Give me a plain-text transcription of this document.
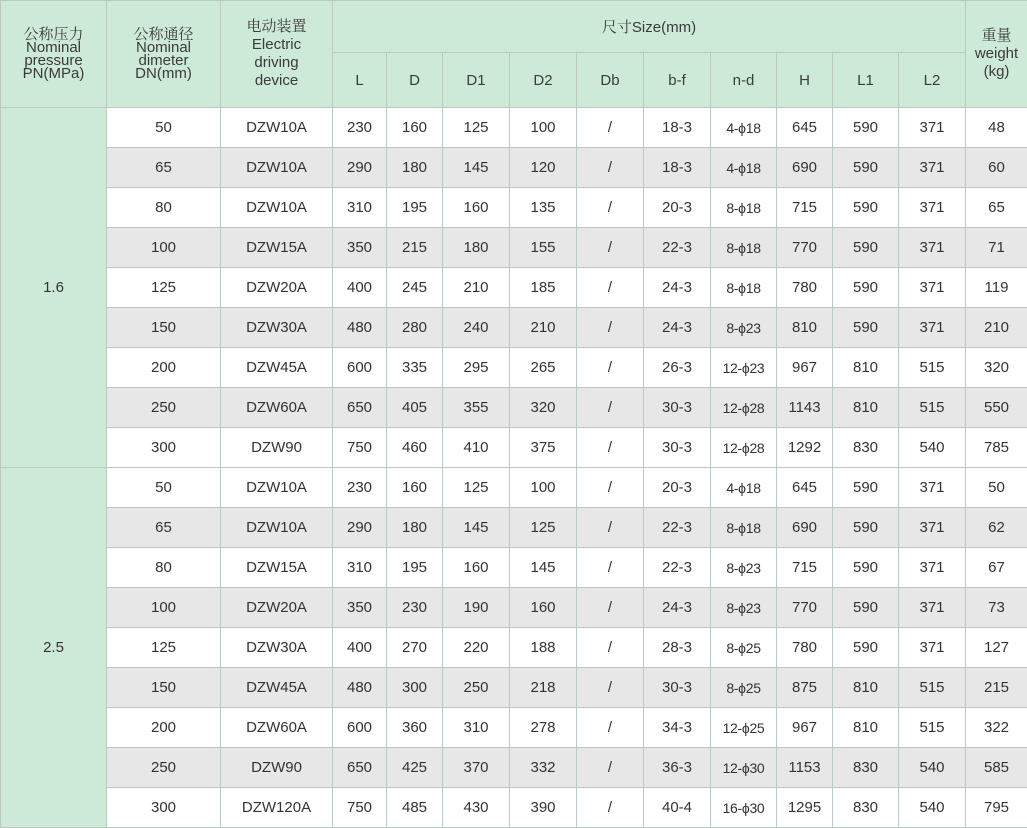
公称压力
Nominal
pressure
PN(MPa)	公称通径
Nominal
dimeter
DN(mm)	电动装置
Electric
driving
device	尺寸Size(mm)										重量
weight
(kg)

			L	D	D1	D2	Db	b-f	n-d	H	L1	L2	
1.6	50	DZW10A	230	160	125	100	/	18-3	4-ϕ18	645	590	371	48
	65	DZW10A	290	180	145	120	/	18-3	4-ϕ18	690	590	371	60
	80	DZW10A	310	195	160	135	/	20-3	8-ϕ18	715	590	371	65
	100	DZW15A	350	215	180	155	/	22-3	8-ϕ18	770	590	371	71
	125	DZW20A	400	245	210	185	/	24-3	8-ϕ18	780	590	371	119
	150	DZW30A	480	280	240	210	/	24-3	8-ϕ23	810	590	371	210
	200	DZW45A	600	335	295	265	/	26-3	12-ϕ23	967	810	515	320
	250	DZW60A	650	405	355	320	/	30-3	12-ϕ28	1143	810	515	550
	300	DZW90	750	460	410	375	/	30-3	12-ϕ28	1292	830	540	785
2.5	50	DZW10A	230	160	125	100	/	20-3	4-ϕ18	645	590	371	50
	65	DZW10A	290	180	145	125	/	22-3	8-ϕ18	690	590	371	62
	80	DZW15A	310	195	160	145	/	22-3	8-ϕ23	715	590	371	67
	100	DZW20A	350	230	190	160	/	24-3	8-ϕ23	770	590	371	73
	125	DZW30A	400	270	220	188	/	28-3	8-ϕ25	780	590	371	127
	150	DZW45A	480	300	250	218	/	30-3	8-ϕ25	875	810	515	215
	200	DZW60A	600	360	310	278	/	34-3	12-ϕ25	967	810	515	322
	250	DZW90	650	425	370	332	/	36-3	12-ϕ30	1153	830	540	585
	300	DZW120A	750	485	430	390	/	40-4	16-ϕ30	1295	830	540	795
